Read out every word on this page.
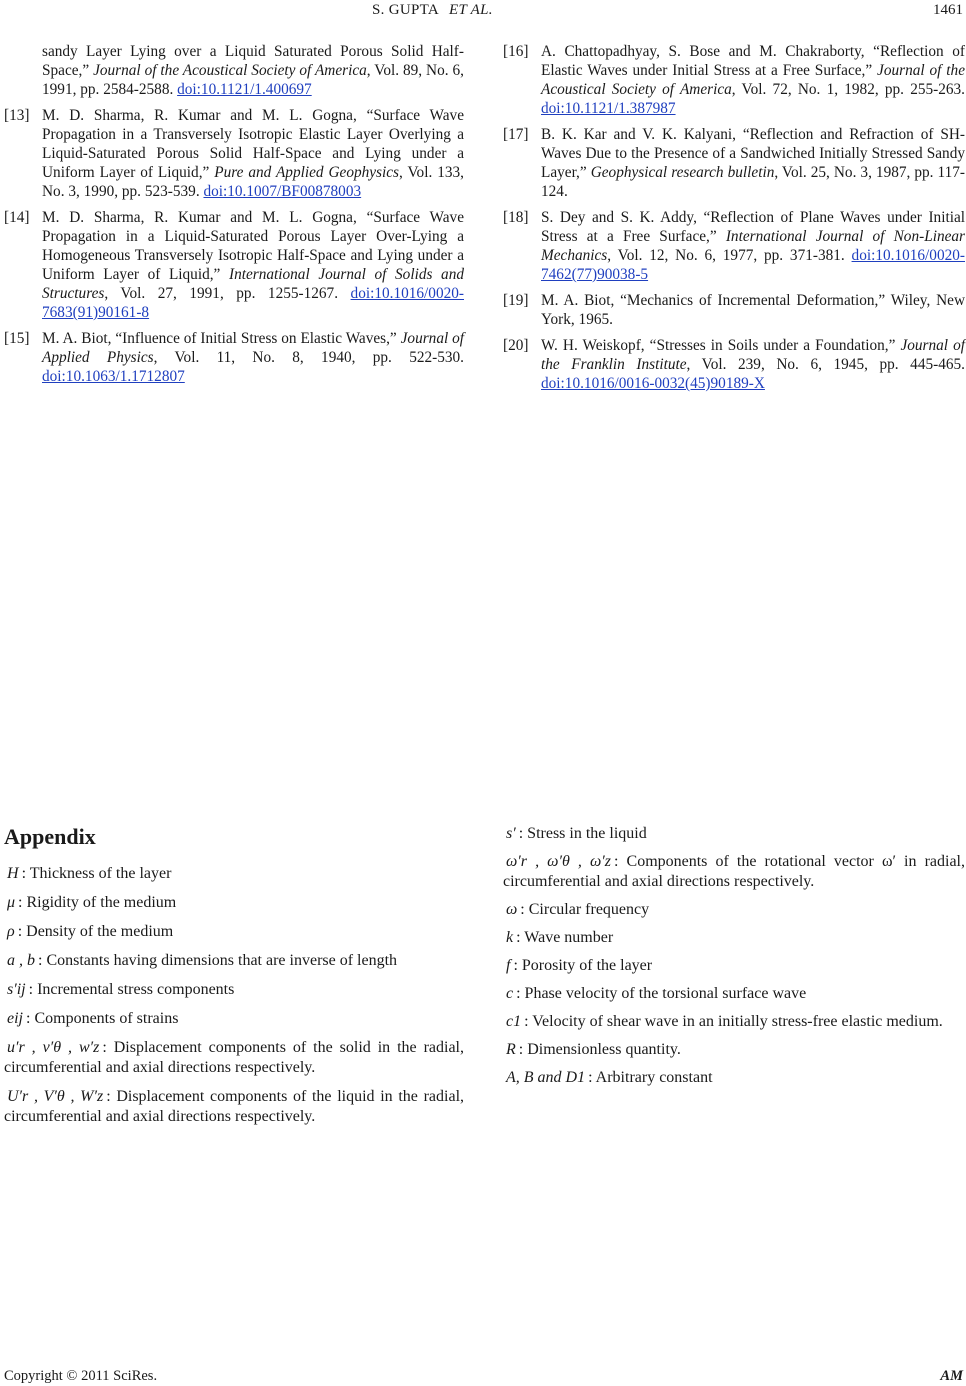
S. GUPTA ET AL.	1461
sandy Layer Lying over a Liquid Saturated Porous Solid Half-Space,” Journal of the Acoustical Society of America, Vol. 89, No. 6, 1991, pp. 2584-2588. doi:10.1121/1.400697
[13] M. D. Sharma, R. Kumar and M. L. Gogna, “Surface Wave Propagation in a Transversely Isotropic Elastic Layer Overlying a Liquid-Saturated Porous Solid Half-Space and Lying under a Uniform Layer of Liquid,” Pure and Applied Geophysics, Vol. 133, No. 3, 1990, pp. 523-539. doi:10.1007/BF00878003
[14] M. D. Sharma, R. Kumar and M. L. Gogna, “Surface Wave Propagation in a Liquid-Saturated Porous Layer Over-Lying a Homogeneous Transversely Isotropic Half-Space and Lying under a Uniform Layer of Liquid,” International Journal of Solids and Structures, Vol. 27, 1991, pp. 1255-1267. doi:10.1016/0020-7683(91)90161-8
[15] M. A. Biot, “Influence of Initial Stress on Elastic Waves,” Journal of Applied Physics, Vol. 11, No. 8, 1940, pp. 522-530. doi:10.1063/1.1712807
[16] A. Chattopadhyay, S. Bose and M. Chakraborty, “Reflection of Elastic Waves under Initial Stress at a Free Surface,” Journal of the Acoustical Society of America, Vol. 72, No. 1, 1982, pp. 255-263. doi:10.1121/1.387987
[17] B. K. Kar and V. K. Kalyani, “Reflection and Refraction of SH-Waves Due to the Presence of a Sandwiched Initially Stressed Sandy Layer,” Geophysical research bulletin, Vol. 25, No. 3, 1987, pp. 117-124.
[18] S. Dey and S. K. Addy, “Reflection of Plane Waves under Initial Stress at a Free Surface,” International Journal of Non-Linear Mechanics, Vol. 12, No. 6, 1977, pp. 371-381. doi:10.1016/0020-7462(77)90038-5
[19] M. A. Biot, “Mechanics of Incremental Deformation,” Wiley, New York, 1965.
[20] W. H. Weiskopf, “Stresses in Soils under a Foundation,” Journal of the Franklin Institute, Vol. 239, No. 6, 1945, pp. 445-465. doi:10.1016/0016-0032(45)90189-X
Appendix

H : Thickness of the layer

μ : Rigidity of the medium

ρ : Density of the medium

a , b : Constants having dimensions that are inverse of length

s′ij : Incremental stress components

eij : Components of strains

u′r , v′θ , w′z : Displacement components of the solid in the radial, circumferential and axial directions respectively.

U′r , V′θ , W′z : Displacement components of the liquid in the radial, circumferential and axial directions respectively.

s′ : Stress in the liquid

ω′r , ω′θ , ω′z : Components of the rotational vector ω′ in radial, circumferential and axial directions respectively.

ω : Circular frequency

k : Wave number

f : Porosity of the layer

c : Phase velocity of the torsional surface wave

c1 : Velocity of shear wave in an initially stress-free elastic medium.

R : Dimensionless quantity.

A, B and D1 : Arbitrary constant

Copyright © 2011 SciRes.	AM
